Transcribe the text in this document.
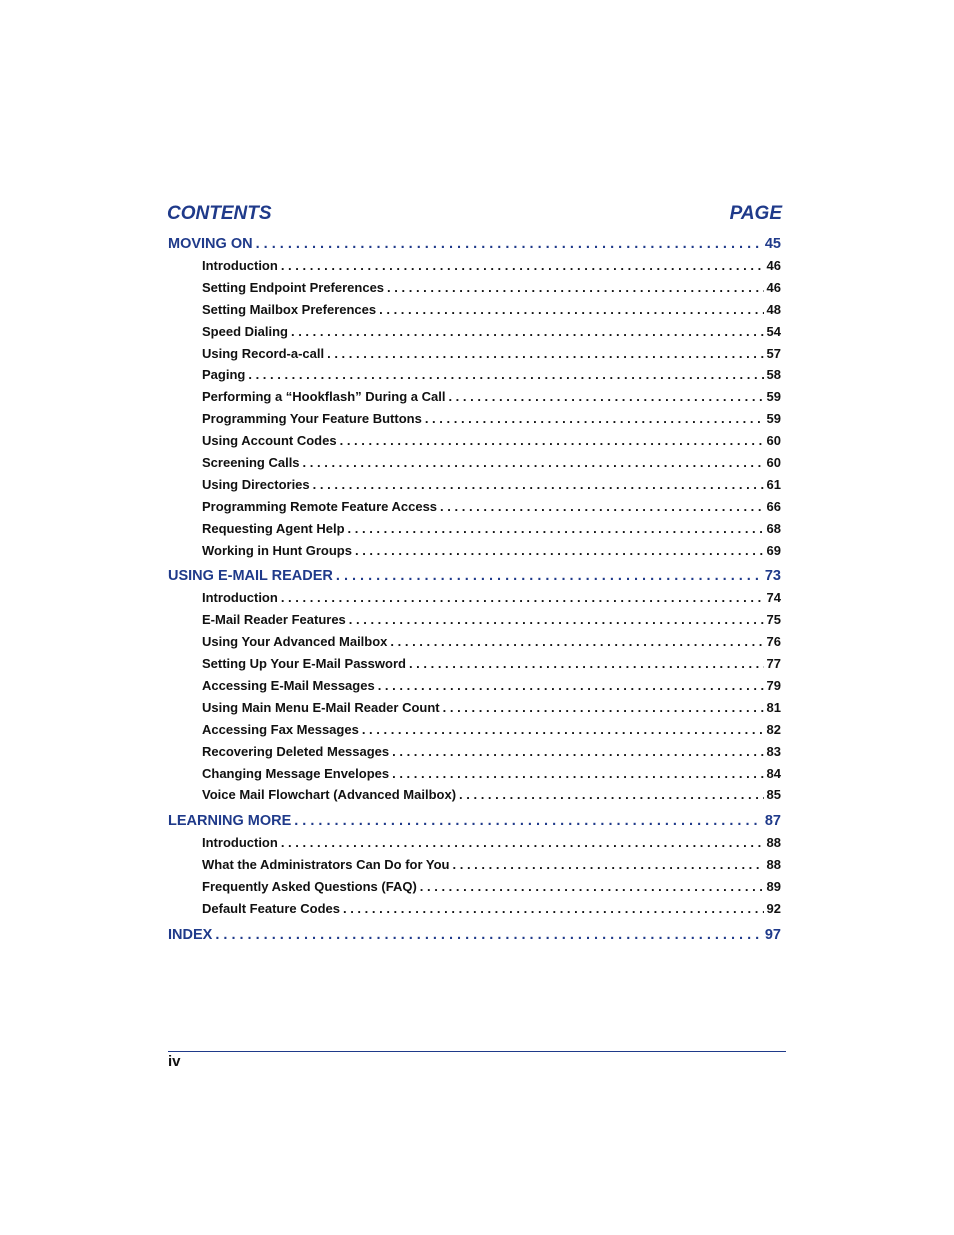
CONTENTS	PAGE
MOVING ON . . .	45
Introduction . . .	46
Setting Endpoint Preferences . . .	46
Setting Mailbox Preferences . . .	48
Speed Dialing . . .	54
Using Record-a-call . . .	57
Paging . . .	58
Performing a “Hookflash” During a Call . . .	59
Programming Your Feature Buttons . . .	59
Using Account Codes . . .	60
Screening Calls . . .	60
Using Directories . . .	61
Programming Remote Feature Access . . .	66
Requesting Agent Help . . .	68
Working in Hunt Groups . . .	69
USING E-MAIL READER . . .	73
Introduction . . .	74
E-Mail Reader Features . . .	75
Using Your Advanced Mailbox . . .	76
Setting Up Your E-Mail Password . . .	77
Accessing E-Mail Messages . . .	79
Using Main Menu E-Mail Reader Count . . .	81
Accessing Fax Messages . . .	82
Recovering Deleted Messages . . .	83
Changing Message Envelopes . . .	84
Voice Mail Flowchart (Advanced Mailbox) . . .	85
LEARNING MORE . . .	87
Introduction . . .	88
What the Administrators Can Do for You . . .	88
Frequently Asked Questions (FAQ) . . .	89
Default Feature Codes . . .	92
INDEX . . .	97
iv
